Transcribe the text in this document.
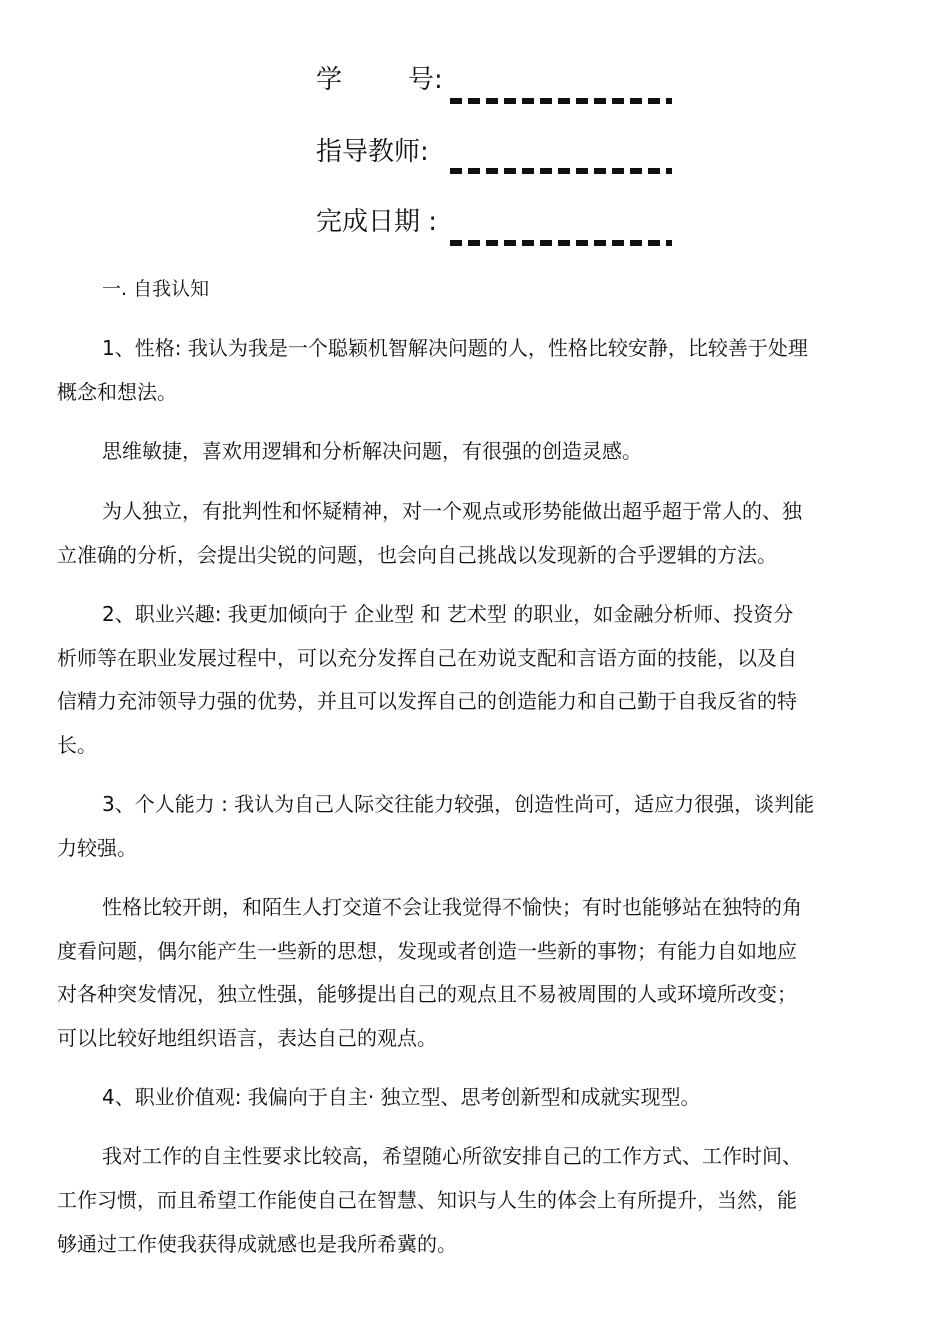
学	号:
指导教师:
完成日期 :
一. 自我认知
1、性格: 我认为我是一个聪颖机智解决问题的人，性格比较安静，比较善于处理
概念和想法。
思维敏捷，喜欢用逻辑和分析解决问题，有很强的创造灵感。
为人独立，有批判性和怀疑精神，对一个观点或形势能做出超乎超于常人的、独
立准确的分析，会提出尖锐的问题，也会向自己挑战以发现新的合乎逻辑的方法。
2、职业兴趣: 我更加倾向于 企业型 和 艺术型 的职业，如金融分析师、投资分
析师等在职业发展过程中，可以充分发挥自己在劝说支配和言语方面的技能，以及自
信精力充沛领导力强的优势，并且可以发挥自己的创造能力和自己勤于自我反省的特
长。
3、个人能力 : 我认为自己人际交往能力较强，创造性尚可，适应力很强，谈判能
力较强。
性格比较开朗，和陌生人打交道不会让我觉得不愉快；有时也能够站在独特的角
度看问题，偶尔能产生一些新的思想，发现或者创造一些新的事物；有能力自如地应
对各种突发情况，独立性强，能够提出自己的观点且不易被周围的人或环境所改变；
可以比较好地组织语言，表达自己的观点。
4、职业价值观: 我偏向于自主· 独立型、思考创新型和成就实现型。
我对工作的自主性要求比较高，希望随心所欲安排自己的工作方式、工作时间、
工作习惯，而且希望工作能使自己在智慧、知识与人生的体会上有所提升，当然，能
够通过工作使我获得成就感也是我所希冀的。
